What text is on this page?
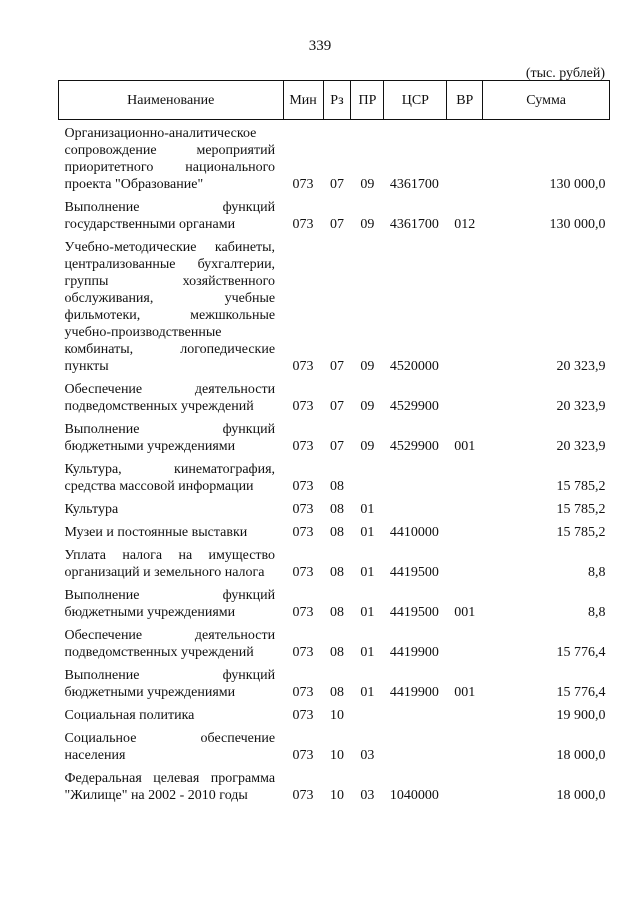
339
(тыс. рублей)
Наименование	Мин	Рз	ПР	ЦСР	ВР	Сумма
Организационно-аналитическое сопровождение мероприятий приоритетного национального проекта "Образование"	073	07	09	4361700		130 000,0
Выполнение функций государственными органами	073	07	09	4361700	012	130 000,0
Учебно-методические кабинеты, централизованные бухгалтерии, группы хозяйственного обслуживания, учебные фильмотеки, межшкольные учебно-производственные комбинаты, логопедические пункты	073	07	09	4520000		20 323,9
Обеспечение деятельности подведомственных учреждений	073	07	09	4529900		20 323,9
Выполнение функций бюджетными учреждениями	073	07	09	4529900	001	20 323,9
Культура, кинематография, средства массовой информации	073	08				15 785,2
Культура	073	08	01			15 785,2
Музеи и постоянные выставки	073	08	01	4410000		15 785,2
Уплата налога на имущество организаций и земельного налога	073	08	01	4419500		8,8
Выполнение функций бюджетными учреждениями	073	08	01	4419500	001	8,8
Обеспечение деятельности подведомственных учреждений	073	08	01	4419900		15 776,4
Выполнение функций бюджетными учреждениями	073	08	01	4419900	001	15 776,4
Социальная политика	073	10				19 900,0
Социальное обеспечение населения	073	10	03			18 000,0
Федеральная целевая программа "Жилище" на 2002 - 2010 годы	073	10	03	1040000		18 000,0
